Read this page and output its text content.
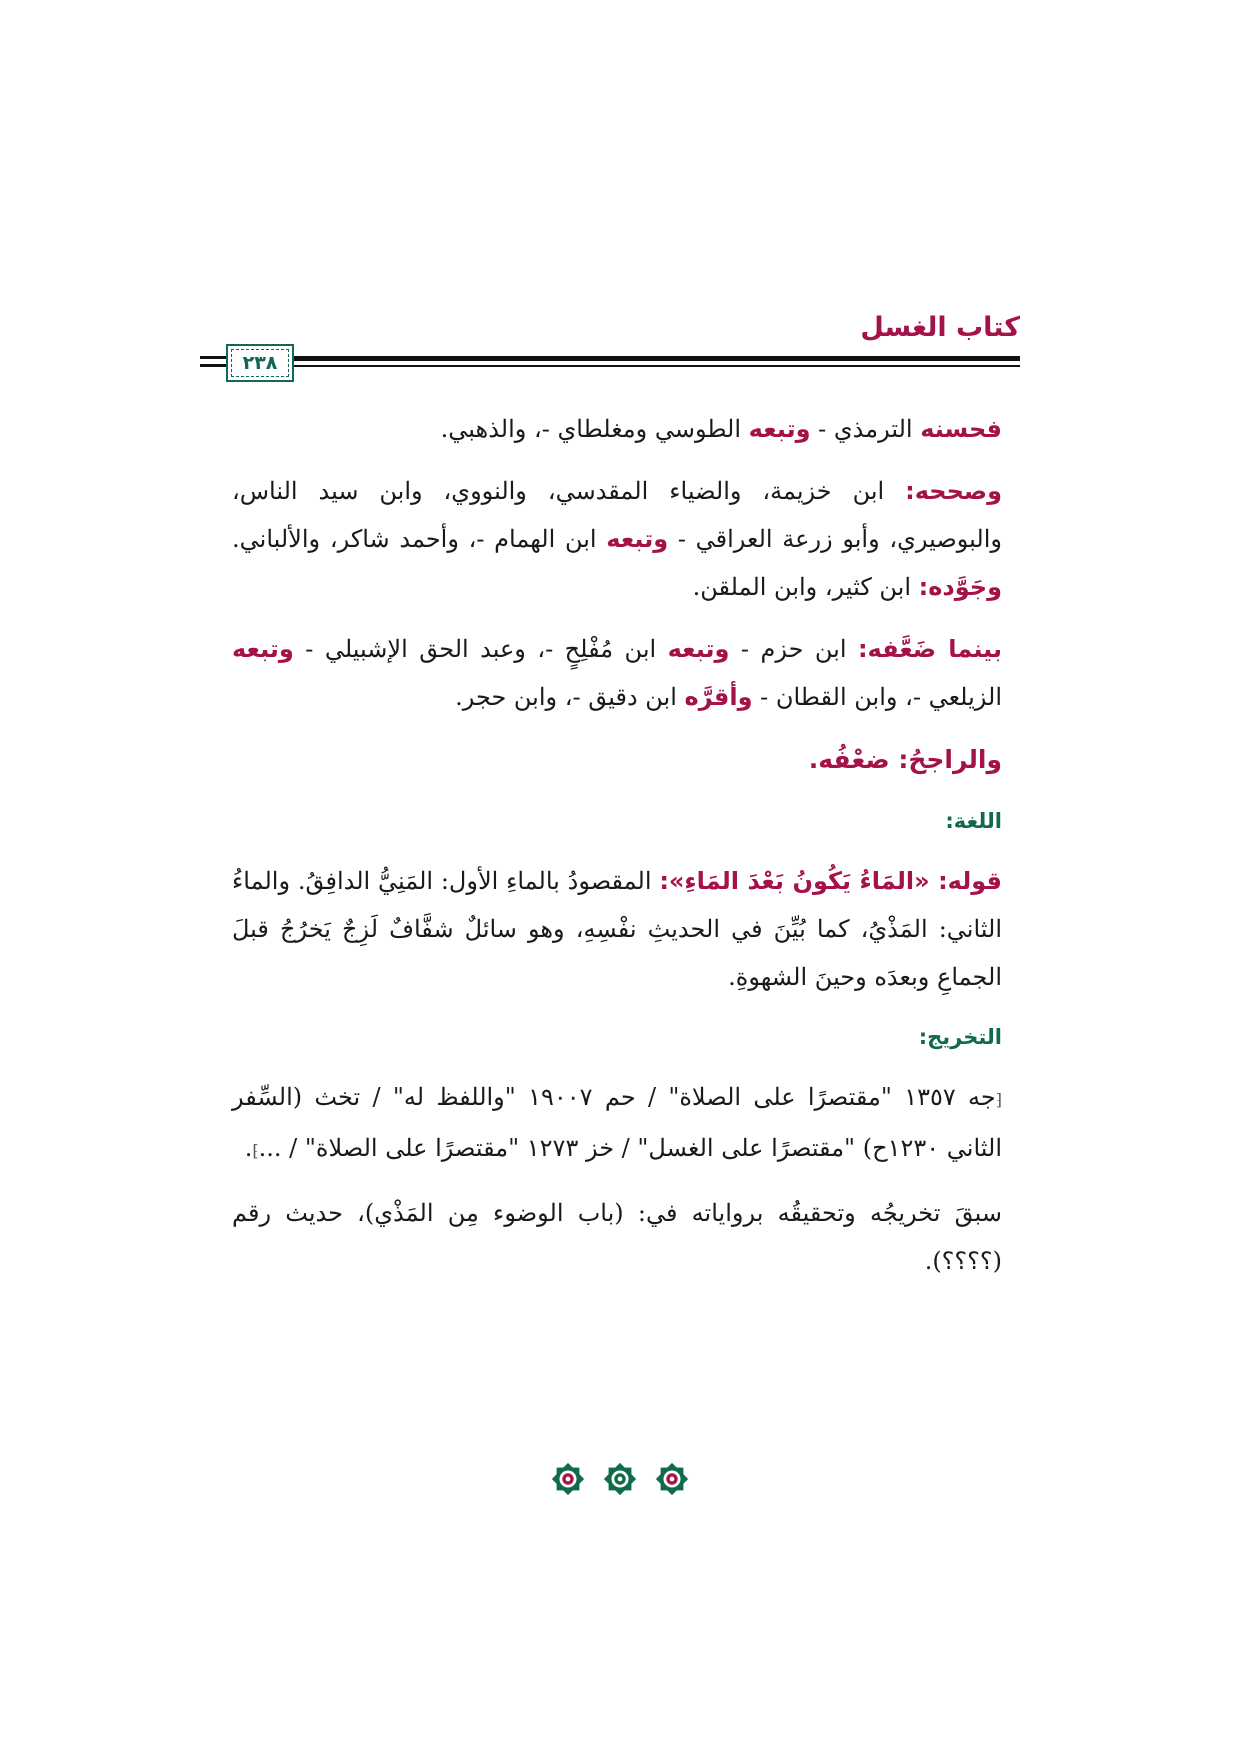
كتاب الغسل
٢٣٨

فحسنه الترمذي - وتبعه الطوسي ومغلطاي -، والذهبي.

وصححه: ابن خزيمة، والضياء المقدسي، والنووي، وابن سيد الناس، والبوصيري، وأبو زرعة العراقي - وتبعه ابن الهمام -، وأحمد شاكر، والألباني. وجَوَّده: ابن كثير، وابن الملقن.

بينما ضَعَّفه: ابن حزم - وتبعه ابن مُفْلِحٍ -، وعبد الحق الإشبيلي - وتبعه الزيلعي -، وابن القطان - وأقرَّه ابن دقيق -، وابن حجر.

والراجحُ: ضعْفُه.

اللغة:

قوله: «المَاءُ يَكُونُ بَعْدَ المَاءِ»: المقصودُ بالماءِ الأول: المَنِيُّ الدافِقُ. والماءُ الثاني: المَذْيُ، كما بُيِّنَ في الحديثِ نفْسِهِ، وهو سائلٌ شفَّافٌ لَزِجٌ يَخرُجُ قبلَ الجماعِ وبعدَه وحينَ الشهوةِ.

التخريج:

⁅جه ١٣٥٧ "مقتصرًا على الصلاة" / حم ١٩٠٠٧ "واللفظ له" / تخث (السِّفر الثاني ١٢٣٠ح) "مقتصرًا على الغسل" / خز ١٢٧٣ "مقتصرًا على الصلاة" / ...⁆.

سبقَ تخريجُه وتحقيقُه برواياته في: (باب الوضوء مِن المَذْي)، حديث رقم (؟؟؟؟).
